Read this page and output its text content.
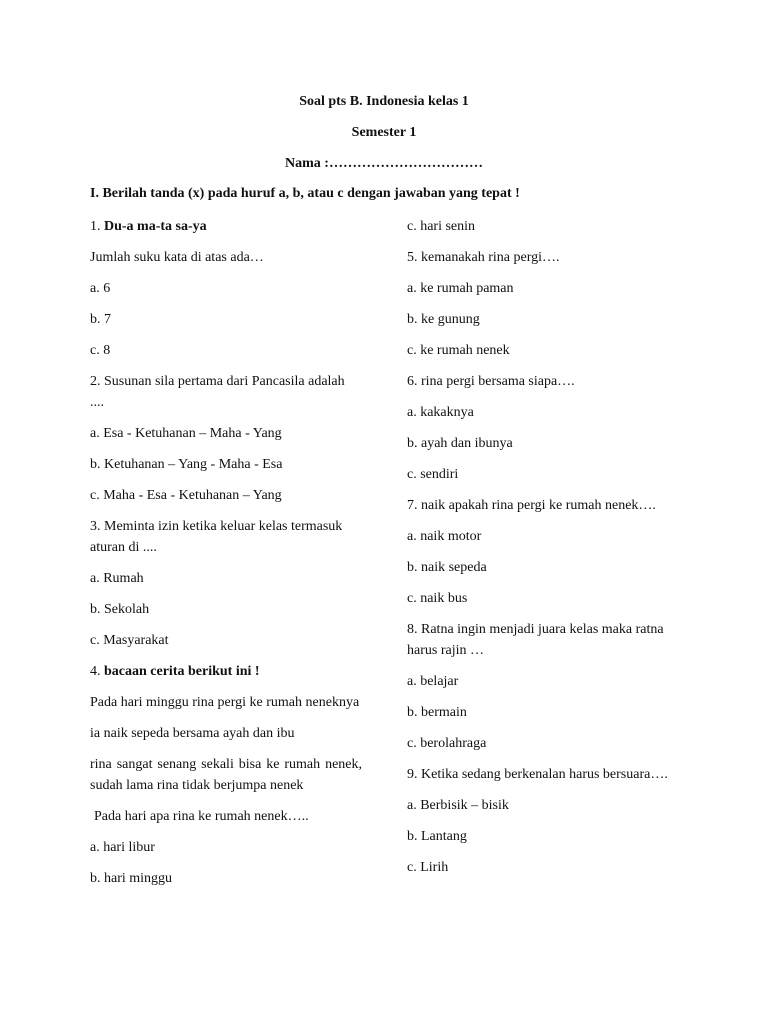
Soal pts B. Indonesia kelas 1
Semester 1
Nama :……………………………
I. Berilah tanda (x) pada huruf a, b, atau c dengan jawaban yang tepat !
1. Du-a ma-ta sa-ya
Jumlah suku kata di atas ada…
a. 6
b. 7
c. 8
2. Susunan sila pertama dari Pancasila adalah ....
a. Esa - Ketuhanan – Maha - Yang
b. Ketuhanan – Yang - Maha - Esa
c. Maha - Esa - Ketuhanan – Yang
3. Meminta izin ketika keluar kelas termasuk aturan di ....
a. Rumah
b. Sekolah
c. Masyarakat
4. bacaan cerita berikut ini !
Pada hari minggu rina pergi ke rumah neneknya
ia naik sepeda bersama ayah dan ibu
rina sangat senang sekali bisa ke rumah nenek, sudah lama rina tidak berjumpa nenek
Pada hari apa rina ke rumah nenek…..
a. hari libur
b. hari minggu
c. hari senin
5. kemanakah rina pergi….
a. ke rumah paman
b. ke gunung
c. ke rumah nenek
6. rina pergi bersama siapa….
a. kakaknya
b. ayah dan ibunya
c. sendiri
7. naik apakah rina pergi ke rumah nenek….
a. naik motor
b. naik sepeda
c. naik bus
8. Ratna ingin menjadi juara kelas maka ratna harus rajin …
a. belajar
b. bermain
c. berolahraga
9. Ketika sedang berkenalan harus bersuara….
a. Berbisik – bisik
b. Lantang
c. Lirih
